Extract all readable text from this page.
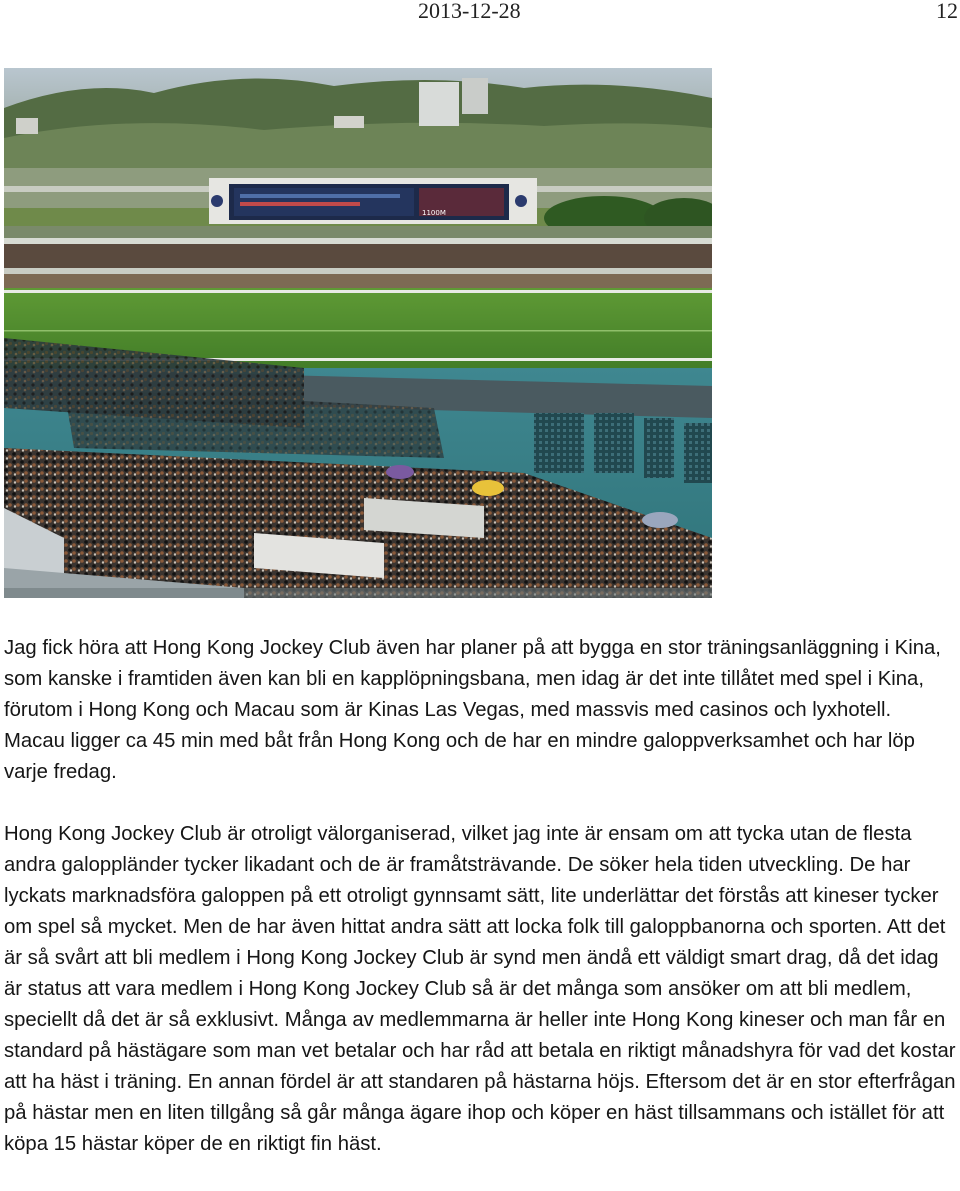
2013-12-28	12
1100M

Jag fick höra att Hong Kong Jockey Club även har planer på att bygga en stor träningsanläggning i Kina, som kanske i framtiden även kan bli en kapplöpningsbana, men idag är det inte tillåtet med spel i Kina, förutom i Hong Kong och Macau som är Kinas Las Vegas, med massvis med casinos och lyxhotell. Macau ligger ca 45 min med båt från Hong Kong och de har en mindre galoppverksamhet och har löp varje fredag.

Hong Kong Jockey Club är otroligt välorganiserad, vilket jag inte är ensam om att tycka utan de flesta andra galoppländer tycker likadant och de är framåtsträvande. De söker hela tiden utveckling. De har lyckats marknadsföra galoppen på ett otroligt gynnsamt sätt, lite underlättar det förstås att kineser tycker om spel så mycket. Men de har även hittat andra sätt att locka folk till galoppbanorna och sporten. Att det är så svårt att bli medlem i Hong Kong Jockey Club är synd men ändå ett väldigt smart drag, då det idag är status att vara medlem i Hong Kong Jockey Club så är det många som ansöker om att bli medlem, speciellt då det är så exklusivt. Många av medlemmarna är heller inte Hong Kong kineser och man får en standard på hästägare som man vet betalar och har råd att betala en riktigt månadshyra för vad det kostar att ha häst i träning. En annan fördel är att standaren på hästarna höjs. Eftersom det är en stor efterfrågan på hästar men en liten tillgång så går många ägare ihop och köper en häst tillsammans och istället för att köpa 15 hästar köper de en riktigt fin häst.
